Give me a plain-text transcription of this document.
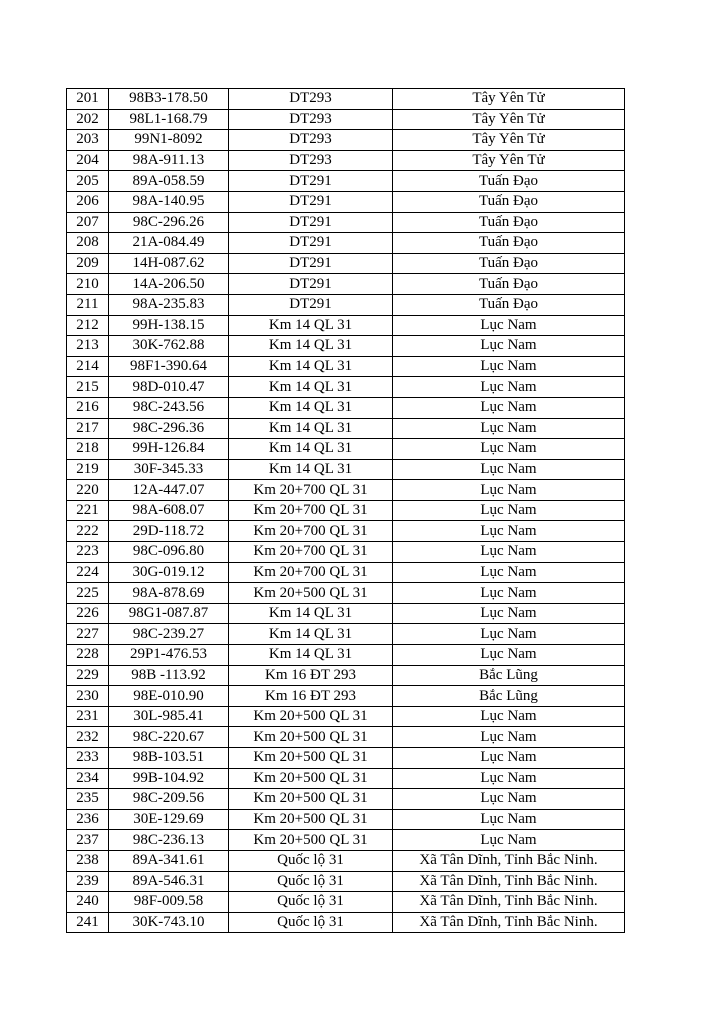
201	98B3-178.50	DT293	Tây Yên Tử
202	98L1-168.79	DT293	Tây Yên Tử
203	99N1-8092	DT293	Tây Yên Tử
204	98A-911.13	DT293	Tây Yên Tử
205	89A-058.59	DT291	Tuấn Đạo
206	98A-140.95	DT291	Tuấn Đạo
207	98C-296.26	DT291	Tuấn Đạo
208	21A-084.49	DT291	Tuấn Đạo
209	14H-087.62	DT291	Tuấn Đạo
210	14A-206.50	DT291	Tuấn Đạo
211	98A-235.83	DT291	Tuấn Đạo
212	99H-138.15	Km 14 QL 31	Lục Nam
213	30K-762.88	Km 14 QL 31	Lục Nam
214	98F1-390.64	Km 14 QL 31	Lục Nam
215	98D-010.47	Km 14 QL 31	Lục Nam
216	98C-243.56	Km 14 QL 31	Lục Nam
217	98C-296.36	Km 14 QL 31	Lục Nam
218	99H-126.84	Km 14 QL 31	Lục Nam
219	30F-345.33	Km 14 QL 31	Lục Nam
220	12A-447.07	Km 20+700 QL 31	Lục Nam
221	98A-608.07	Km 20+700 QL 31	Lục Nam
222	29D-118.72	Km 20+700 QL 31	Lục Nam
223	98C-096.80	Km 20+700 QL 31	Lục Nam
224	30G-019.12	Km 20+700 QL 31	Lục Nam
225	98A-878.69	Km 20+500 QL 31	Lục Nam
226	98G1-087.87	Km 14 QL 31	Lục Nam
227	98C-239.27	Km 14 QL 31	Lục Nam
228	29P1-476.53	Km 14 QL 31	Lục Nam
229	98B -113.92	Km 16 ĐT 293	Bắc Lũng
230	98E-010.90	Km 16 ĐT 293	Bắc Lũng
231	30L-985.41	Km 20+500 QL 31	Lục Nam
232	98C-220.67	Km 20+500 QL 31	Lục Nam
233	98B-103.51	Km 20+500 QL 31	Lục Nam
234	99B-104.92	Km 20+500 QL 31	Lục Nam
235	98C-209.56	Km 20+500 QL 31	Lục Nam
236	30E-129.69	Km 20+500 QL 31	Lục Nam
237	98C-236.13	Km 20+500 QL 31	Lục Nam
238	89A-341.61	Quốc lộ 31	Xã Tân Dĩnh, Tỉnh Bắc Ninh.
239	89A-546.31	Quốc lộ 31	Xã Tân Dĩnh, Tỉnh Bắc Ninh.
240	98F-009.58	Quốc lộ 31	Xã Tân Dĩnh, Tỉnh Bắc Ninh.
241	30K-743.10	Quốc lộ 31	Xã Tân Dĩnh, Tỉnh Bắc Ninh.
